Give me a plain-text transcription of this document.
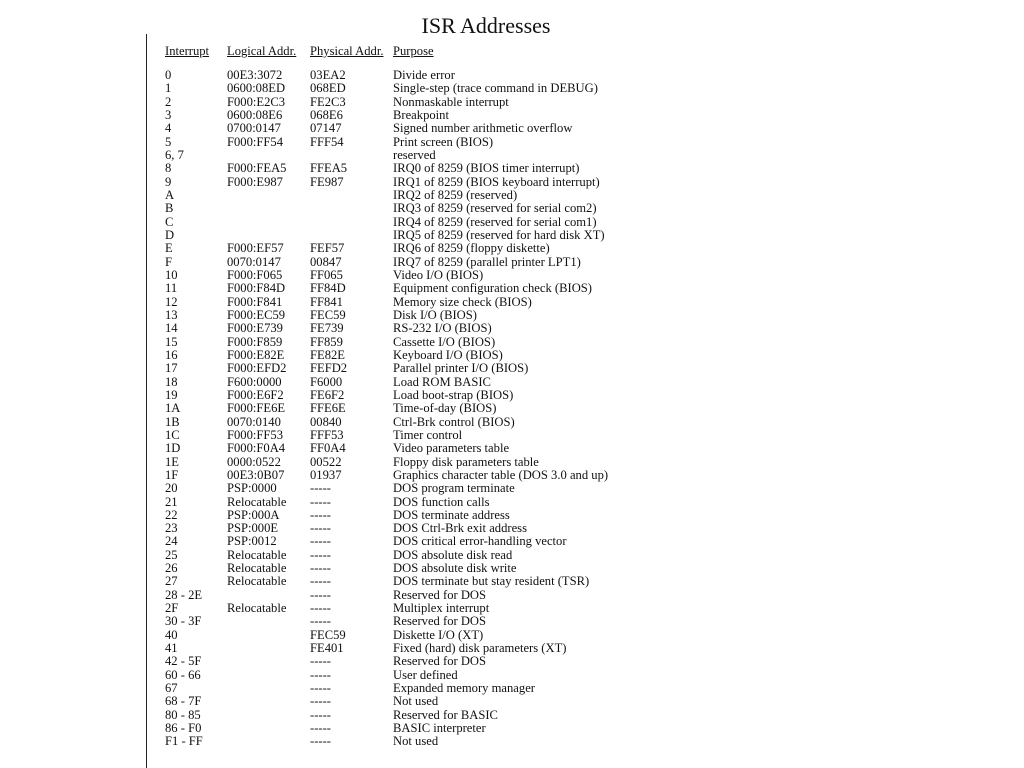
ISR Addresses
Interrupt	Logical Addr.	Physical Addr.	Purpose

0	00E3:3072	03EA2	Divide error
1	0600:08ED	068ED	Single-step (trace command in DEBUG)
2	F000:E2C3	FE2C3	Nonmaskable interrupt
3	0600:08E6	068E6	Breakpoint
4	0700:0147	07147	Signed number arithmetic overflow
5	F000:FF54	FFF54	Print screen (BIOS)
6, 7			reserved
8	F000:FEA5	FFEA5	IRQ0 of 8259 (BIOS timer interrupt)
9	F000:E987	FE987	IRQ1 of 8259 (BIOS keyboard interrupt)
A			IRQ2 of 8259 (reserved)
B			IRQ3 of 8259 (reserved for serial com2)
C			IRQ4 of 8259 (reserved for serial com1)
D			IRQ5 of 8259 (reserved for hard disk XT)
E	F000:EF57	FEF57	IRQ6 of 8259 (floppy diskette)
F	0070:0147	00847	IRQ7 of 8259 (parallel printer LPT1)
10	F000:F065	FF065	Video I/O (BIOS)
11	F000:F84D	FF84D	Equipment configuration check (BIOS)
12	F000:F841	FF841	Memory size check (BIOS)
13	F000:EC59	FEC59	Disk I/O (BIOS)
14	F000:E739	FE739	RS-232 I/O (BIOS)
15	F000:F859	FF859	Cassette I/O (BIOS)
16	F000:E82E	FE82E	Keyboard I/O (BIOS)
17	F000:EFD2	FEFD2	Parallel printer I/O (BIOS)
18	F600:0000	F6000	Load ROM BASIC
19	F000:E6F2	FE6F2	Load boot-strap (BIOS)
1A	F000:FE6E	FFE6E	Time-of-day (BIOS)
1B	0070:0140	00840	Ctrl-Brk control (BIOS)
1C	F000:FF53	FFF53	Timer control
1D	F000:F0A4	FF0A4	Video parameters table
1E	0000:0522	00522	Floppy disk parameters table
1F	00E3:0B07	01937	Graphics character table (DOS 3.0 and up)
20	PSP:0000	-----	DOS program terminate
21	Relocatable	-----	DOS function calls
22	PSP:000A	-----	DOS terminate address
23	PSP:000E	-----	DOS Ctrl-Brk exit address
24	PSP:0012	-----	DOS critical error-handling vector
25	Relocatable	-----	DOS absolute disk read
26	Relocatable	-----	DOS absolute disk write
27	Relocatable	-----	DOS terminate but stay resident (TSR)
28 - 2E		-----	Reserved for DOS
2F	Relocatable	-----	Multiplex interrupt
30 - 3F		-----	Reserved for DOS
40		FEC59	Diskette I/O (XT)
41		FE401	Fixed (hard) disk parameters (XT)
42 - 5F		-----	Reserved for DOS
60 - 66		-----	User defined
67		-----	Expanded memory manager
68 - 7F		-----	Not used
80 - 85		-----	Reserved for BASIC
86 - F0		-----	BASIC interpreter
F1 - FF		-----	Not used
